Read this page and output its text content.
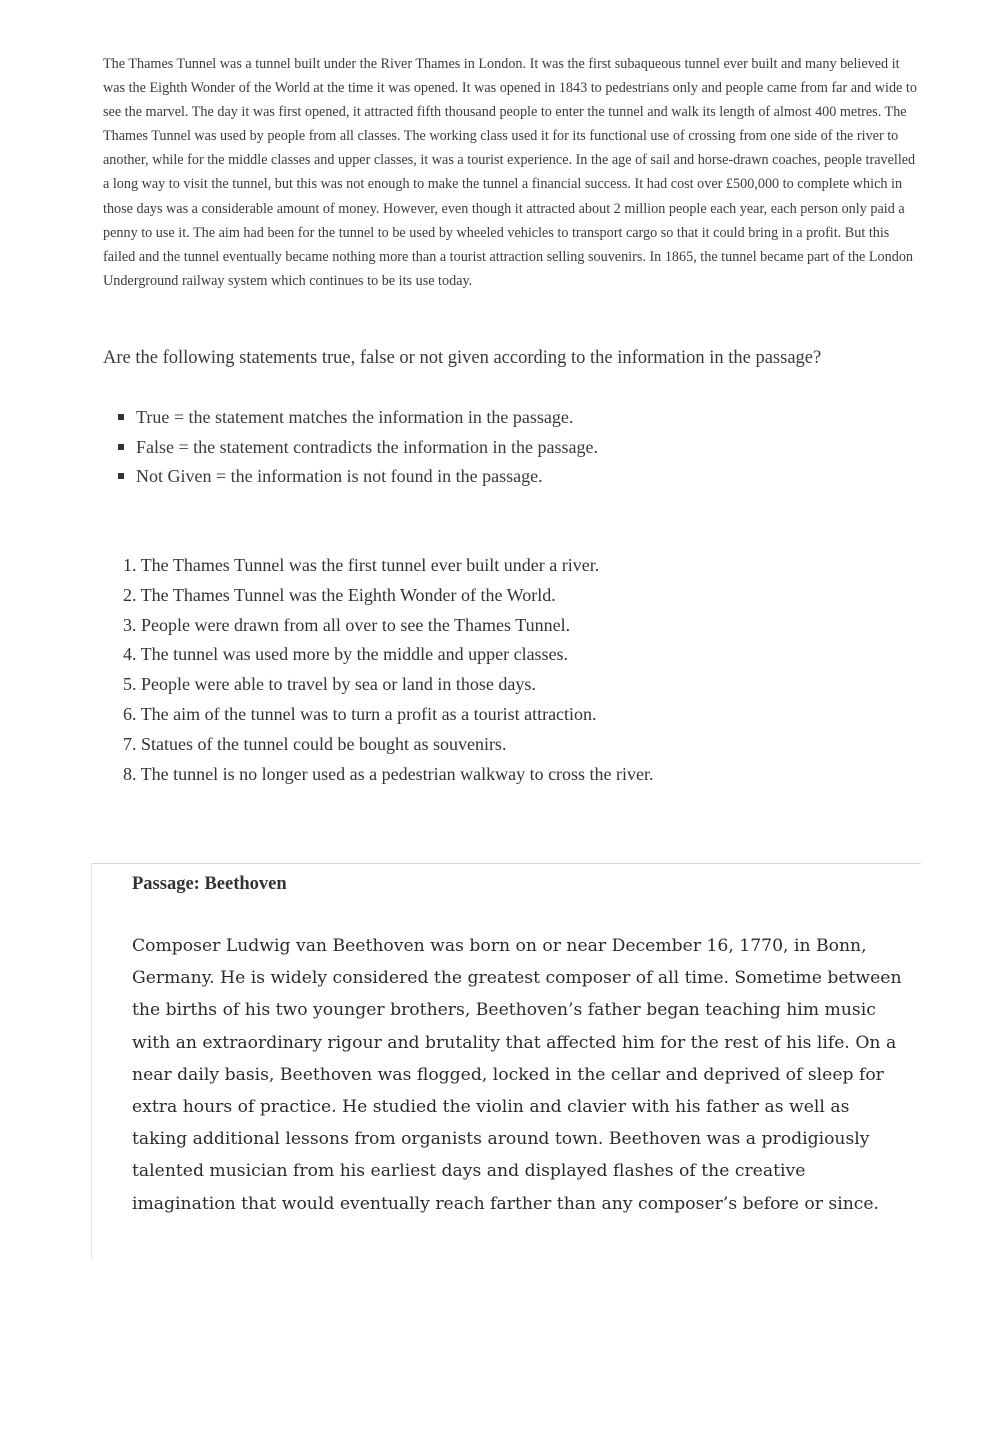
The Thames Tunnel was a tunnel built under the River Thames in London. It was the first subaqueous tunnel ever built and many believed it was the Eighth Wonder of the World at the time it was opened. It was opened in 1843 to pedestrians only and people came from far and wide to see the marvel. The day it was first opened, it attracted fifth thousand people to enter the tunnel and walk its length of almost 400 metres. The Thames Tunnel was used by people from all classes. The working class used it for its functional use of crossing from one side of the river to another, while for the middle classes and upper classes, it was a tourist experience. In the age of sail and horse-drawn coaches, people travelled a long way to visit the tunnel, but this was not enough to make the tunnel a financial success. It had cost over £500,000 to complete which in those days was a considerable amount of money. However, even though it attracted about 2 million people each year, each person only paid a penny to use it. The aim had been for the tunnel to be used by wheeled vehicles to transport cargo so that it could bring in a profit. But this failed and the tunnel eventually became nothing more than a tourist attraction selling souvenirs. In 1865, the tunnel became part of the London Underground railway system which continues to be its use today.
Are the following statements true, false or not given according to the information in the passage?
True = the statement matches the information in the passage.
False = the statement contradicts the information in the passage.
Not Given = the information is not found in the passage.
1. The Thames Tunnel was the first tunnel ever built under a river.
2. The Thames Tunnel was the Eighth Wonder of the World.
3. People were drawn from all over to see the Thames Tunnel.
4. The tunnel was used more by the middle and upper classes.
5. People were able to travel by sea or land in those days.
6. The aim of the tunnel was to turn a profit as a tourist attraction.
7. Statues of the tunnel could be bought as souvenirs.
8. The tunnel is no longer used as a pedestrian walkway to cross the river.
Passage: Beethoven
Composer Ludwig van Beethoven was born on or near December 16, 1770, in Bonn, Germany. He is widely considered the greatest composer of all time. Sometime between the births of his two younger brothers, Beethoven’s father began teaching him music with an extraordinary rigour and brutality that affected him for the rest of his life. On a near daily basis, Beethoven was flogged, locked in the cellar and deprived of sleep for extra hours of practice. He studied the violin and clavier with his father as well as taking additional lessons from organists around town. Beethoven was a prodigiously talented musician from his earliest days and displayed flashes of the creative imagination that would eventually reach farther than any composer’s before or since.
